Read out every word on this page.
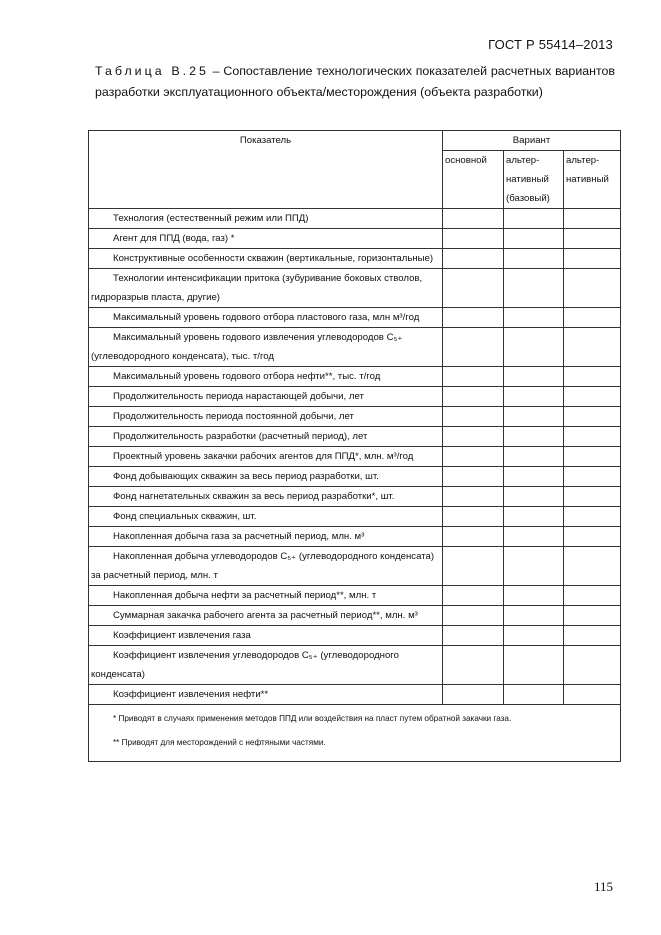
ГОСТ Р 55414–2013
Таблица В.25 – Сопоставление технологических показателей расчетных вариантов разработки эксплуатационного объекта/месторождения (объекта разработки)
Показатель	Вариант		
	основной	альтер-нативный (базовый)	альтер-нативный
Технология (естественный режим или ППД)			
Агент для ППД (вода, газ) *			
Конструктивные особенности скважин (вертикальные, горизонтальные)			
Технологии интенсификации притока (зубуривание боковых стволов, гидроразрыв пласта, другие)			
Максимальный уровень годового отбора пластового газа, млн м³/год			
Максимальный уровень годового извлечения углеводородов С₅₊ (углеводородного конденсата), тыс. т/год			
Максимальный уровень годового отбора нефти**, тыс. т/год			
Продолжительность периода нарастающей добычи, лет			
Продолжительность периода постоянной добычи, лет			
Продолжительность разработки (расчетный период), лет			
Проектный уровень закачки рабочих агентов для ППД*, млн. м³/год			
Фонд добывающих скважин за весь период разработки, шт.			
Фонд нагнетательных скважин за весь период разработки*, шт.			
Фонд специальных скважин, шт.			
Накопленная добыча газа за расчетный период, млн. м³			
Накопленная добыча углеводородов С₅₊ (углеводородного конденсата) за расчетный период, млн. т			
Накопленная добыча нефти за расчетный период**, млн. т			
Суммарная закачка рабочего агента за расчетный период**, млн. м³			
Коэффициент извлечения газа			
Коэффициент извлечения углеводородов С₅₊ (углеводородного конденсата)			
Коэффициент извлечения нефти**			

* Приводят в случаях применения методов ППД или воздействия на пласт путем обратной закачки газа.
** Приводят для месторождений с нефтяными частями.			
115
